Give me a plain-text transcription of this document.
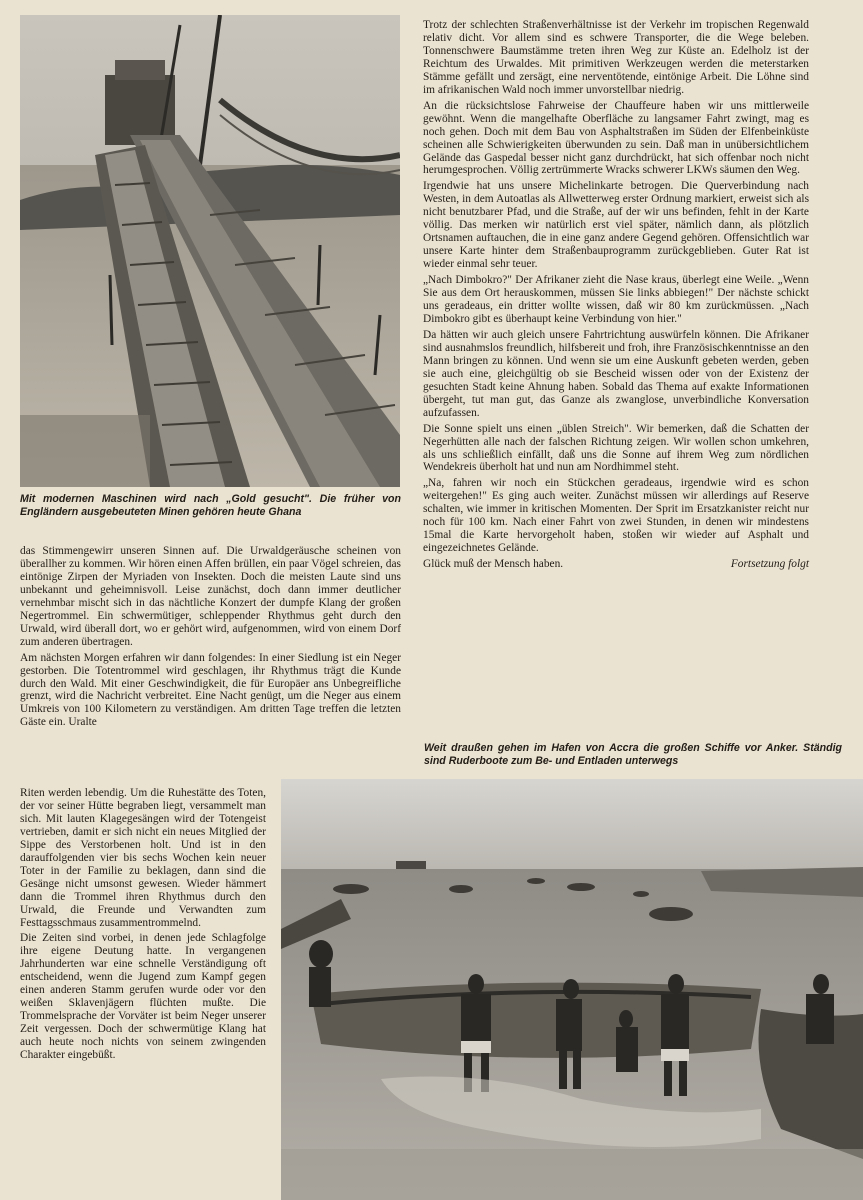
Mit modernen Maschinen wird nach „Gold gesucht". Die früher von Engländern ausgebeuteten Minen gehören heute Ghana

Trotz der schlechten Straßenverhältnisse ist der Verkehr im tropischen Regenwald relativ dicht. Vor allem sind es schwere Transporter, die die Wege beleben. Tonnenschwere Baumstämme treten ihren Weg zur Küste an. Edelholz ist der Reichtum des Urwaldes. Mit primitiven Werkzeugen werden die meterstarken Stämme gefällt und zersägt, eine nerventötende, eintönige Arbeit. Die Löhne sind im afrikanischen Wald noch immer unvorstellbar niedrig.

An die rücksichtslose Fahrweise der Chauffeure haben wir uns mittlerweile gewöhnt. Wenn die mangelhafte Oberfläche zu langsamer Fahrt zwingt, mag es noch gehen. Doch mit dem Bau von Asphaltstraßen im Süden der Elfenbeinküste scheinen alle Schwierigkeiten überwunden zu sein. Daß man in unübersichtlichem Gelände das Gaspedal besser nicht ganz durchdrückt, hat sich offenbar noch nicht herumgesprochen. Völlig zertrümmerte Wracks schwerer LKWs säumen den Weg.

Irgendwie hat uns unsere Michelinkarte betrogen. Die Querverbindung nach Westen, in dem Autoatlas als Allwetterweg erster Ordnung markiert, erweist sich als nicht benutzbarer Pfad, und die Straße, auf der wir uns befinden, fehlt in der Karte völlig. Das merken wir natürlich erst viel später, nämlich dann, als plötzlich Ortsnamen auftauchen, die in eine ganz andere Gegend gehören. Offensichtlich war unsere Karte hinter dem Straßenbauprogramm zurückgeblieben. Guter Rat ist wieder einmal sehr teuer.

„Nach Dimbokro?" Der Afrikaner zieht die Nase kraus, überlegt eine Weile. „Wenn Sie aus dem Ort herauskommen, müssen Sie links abbiegen!" Der nächste schickt uns geradeaus, ein dritter wollte wissen, daß wir 80 km zurückmüssen. „Nach Dimbokro gibt es überhaupt keine Verbindung von hier."

Da hätten wir auch gleich unsere Fahrtrichtung auswürfeln können. Die Afrikaner sind ausnahmslos freundlich, hilfsbereit und froh, ihre Französischkenntnisse an den Mann bringen zu können. Und wenn sie um eine Auskunft gebeten werden, geben sie auch eine, gleichgültig ob sie Bescheid wissen oder von der Existenz der gesuchten Stadt keine Ahnung haben. Sobald das Thema auf exakte Informationen übergeht, tut man gut, das Ganze als zwanglose, unverbindliche Konversation aufzufassen.

Die Sonne spielt uns einen „üblen Streich". Wir bemerken, daß die Schatten der Negerhütten alle nach der falschen Richtung zeigen. Wir wollen schon umkehren, als uns schließlich einfällt, daß uns die Sonne auf ihrem Weg zum nördlichen Wendekreis überholt hat und nun am Nordhimmel steht.

„Na, fahren wir noch ein Stückchen geradeaus, irgendwie wird es schon weitergehen!" Es ging auch weiter. Zunächst müssen wir allerdings auf Reserve schalten, wie immer in kritischen Momenten. Der Sprit im Ersatzkanister reicht nur noch für 100 km. Nach einer Fahrt von zwei Stunden, in denen wir mindestens 15mal die Karte hervorgeholt haben, stoßen wir wieder auf Asphalt und eingezeichnetes Gelände.

Glück muß der Mensch haben.	Fortsetzung folgt

Weit draußen gehen im Hafen von Accra die großen Schiffe vor Anker. Ständig sind Ruderboote zum Be- und Entladen unterwegs

das Stimmengewirr unseren Sinnen auf. Die Urwaldgeräusche scheinen von überallher zu kommen. Wir hören einen Affen brüllen, ein paar Vögel schreien, das eintönige Zirpen der Myriaden von Insekten. Doch die meisten Laute sind uns unbekannt und geheimnisvoll. Leise zunächst, doch dann immer deutlicher vernehmbar mischt sich in das nächtliche Konzert der dumpfe Klang der großen Negertrommel. Ein schwermütiger, schleppender Rhythmus geht durch den Urwald, wird überall dort, wo er gehört wird, aufgenommen, wird von einem Dorf zum anderen übertragen.

Am nächsten Morgen erfahren wir dann folgendes: In einer Siedlung ist ein Neger gestorben. Die Totentrommel wird geschlagen, ihr Rhythmus trägt die Kunde durch den Wald. Mit einer Geschwindigkeit, die für Europäer ans Unbegreifliche grenzt, wird die Nachricht verbreitet. Eine Nacht genügt, um die Neger aus einem Umkreis von 100 Kilometern zu verständigen. Am dritten Tage treffen die letzten Gäste ein. Uralte

Riten werden lebendig. Um die Ruhestätte des Toten, der vor seiner Hütte begraben liegt, versammelt man sich. Mit lauten Klagegesängen wird der Totengeist vertrieben, damit er sich nicht ein neues Mitglied der Sippe des Verstorbenen holt. Und ist in den darauffolgenden vier bis sechs Wochen kein neuer Toter in der Familie zu beklagen, dann sind die Gesänge nicht umsonst gewesen. Wieder hämmert dann die Trommel ihren Rhythmus durch den Urwald, die Freunde und Verwandten zum Festtagsschmaus zusammentrommelnd.

Die Zeiten sind vorbei, in denen jede Schlagfolge ihre eigene Deutung hatte. In vergangenen Jahrhunderten war eine schnelle Verständigung oft entscheidend, wenn die Jugend zum Kampf gegen einen anderen Stamm gerufen wurde oder vor den weißen Sklavenjägern flüchten mußte. Die Trommelsprache der Vorväter ist beim Neger unserer Zeit vergessen. Doch der schwermütige Klang hat auch heute noch nichts von seinem zwingenden Charakter eingebüßt.
